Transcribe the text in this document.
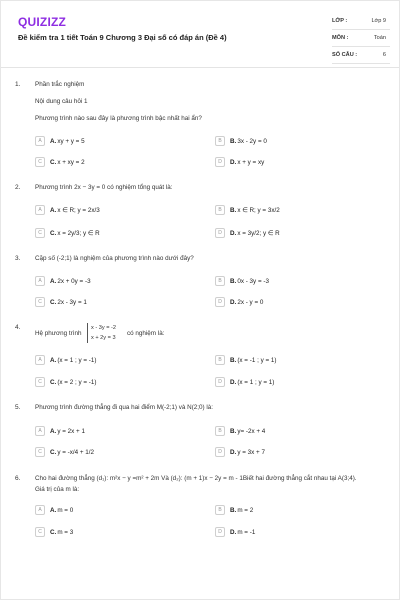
QUIZIZZ
Đề kiểm tra 1 tiết Toán 9 Chương 3 Đại số có đáp án (Đề 4)
LỚP :	Lớp 9
MÔN :	Toán
SỐ CÂU :	6
1. Phần trắc nghiệm
Nội dung câu hỏi 1
Phương trình nào sau đây là phương trình bậc nhất hai ẩn?
A	A. xy + y = 5	B	B. 3x - 2y = 0
C	C. x + xy = 2	D	D. x + y = xy
2. Phương trình 2x − 3y = 0 có nghiệm tổng quát là:
A	A. x ∈ R; y = 2x/3	B	B. x ∈ R; y = 3x/2
C	C. x = 2y/3; y ∈ R	D	D. x = 3y/2; y ∈ R
3. Cặp số (-2;1) là nghiệm của phương trình nào dưới đây?
A	A. 2x + 0y = -3	B	B. 0x - 3y = -3
C	C. 2x - 3y = 1	D	D. 2x - y = 0
4.
Hệ phương trình
x - 3y = -2
x + 2y = 3
có nghiệm là:
A	A. (x = 1 ; y = -1)	B	B. (x = -1 ; y = 1)
C	C. (x = 2 ; y = -1)	D	D. (x = 1 ; y = 1)
5. Phương trình đường thẳng đi qua hai điểm M(-2;1) và N(2;0) là:
A	A. y = 2x + 1	B	B. y= -2x + 4
C	C. y = -x/4 + 1/2	D	D. y = 3x + 7
6. Cho hai đường thẳng (d₁): m²x − y =m² + 2m Và (d₂): (m + 1)x − 2y = m - 1Biết hai đường thẳng cắt nhau tại A(3;4).
Giá trị của m là:
A	A. m = 0	B	B. m = 2
C	C. m = 3	D	D. m = -1
